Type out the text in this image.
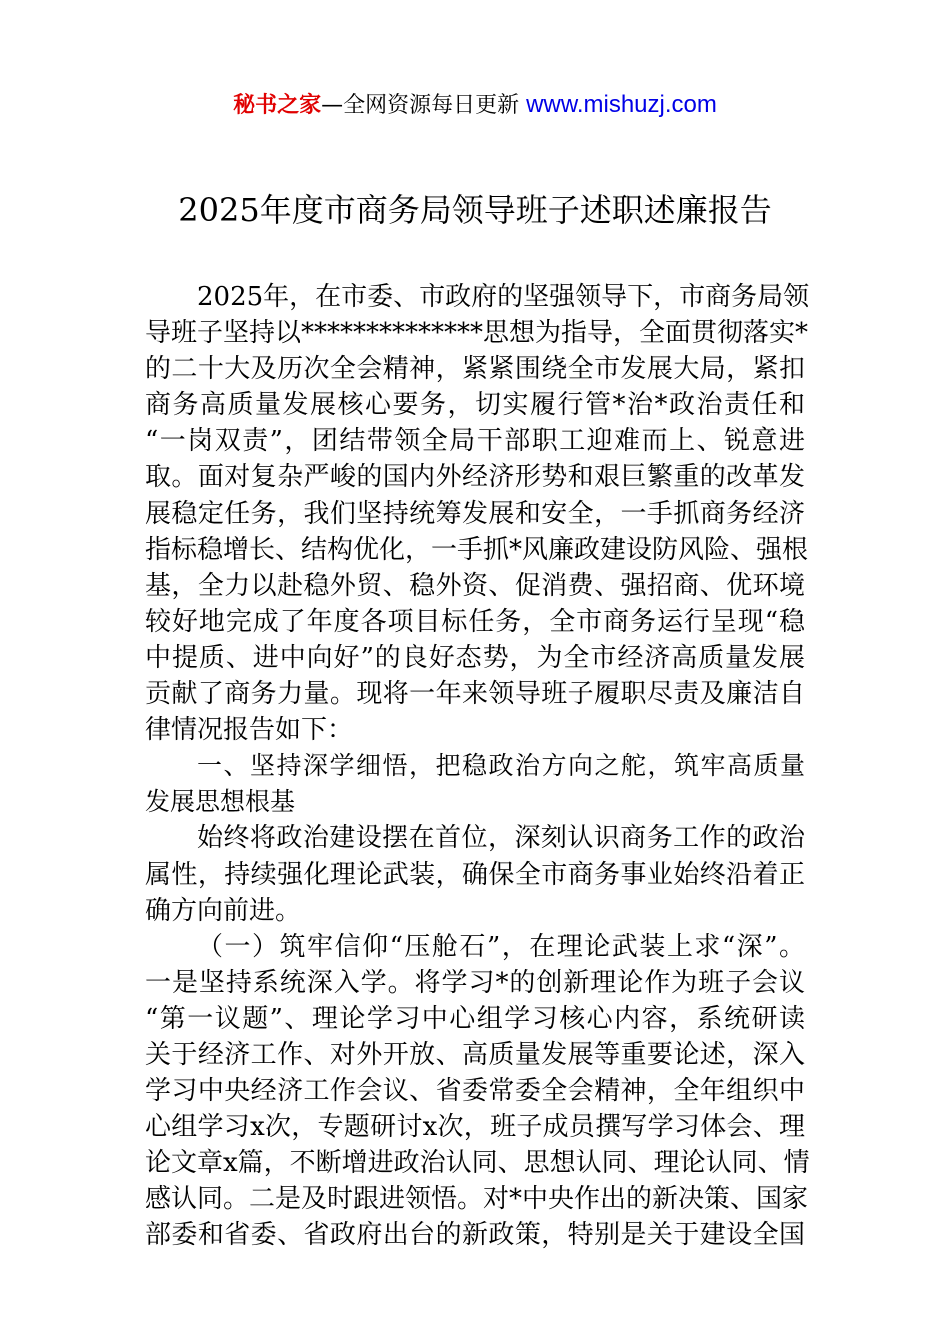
秘书之家—全网资源每日更新 www.mishuzj.com
2025年度市商务局领导班子述职述廉报告
2025年，在市委、市政府的坚强领导下，市商务局领
导班子坚持以**************思想为指导，全面贯彻落实*
的二十大及历次全会精神，紧紧围绕全市发展大局，紧扣
商务高质量发展核心要务，切实履行管*治*政治责任和
“一岗双责”，团结带领全局干部职工迎难而上、锐意进
取。面对复杂严峻的国内外经济形势和艰巨繁重的改革发
展稳定任务，我们坚持统筹发展和安全，一手抓商务经济
指标稳增长、结构优化，一手抓*风廉政建设防风险、强根
基，全力以赴稳外贸、稳外资、促消费、强招商、优环境
较好地完成了年度各项目标任务，全市商务运行呈现“稳
中提质、进中向好”的良好态势，为全市经济高质量发展
贡献了商务力量。现将一年来领导班子履职尽责及廉洁自
律情况报告如下：
一、坚持深学细悟，把稳政治方向之舵，筑牢高质量
发展思想根基
始终将政治建设摆在首位，深刻认识商务工作的政治
属性，持续强化理论武装，确保全市商务事业始终沿着正
确方向前进。
（一）筑牢信仰“压舱石”，在理论武装上求“深”。
一是坚持系统深入学。将学习*的创新理论作为班子会议
“第一议题”、理论学习中心组学习核心内容，系统研读
关于经济工作、对外开放、高质量发展等重要论述，深入
学习中央经济工作会议、省委常委全会精神，全年组织中
心组学习x次，专题研讨x次，班子成员撰写学习体会、理
论文章x篇，不断增进政治认同、思想认同、理论认同、情
感认同。二是及时跟进领悟。对*中央作出的新决策、国家
部委和省委、省政府出台的新政策，特别是关于建设全国
